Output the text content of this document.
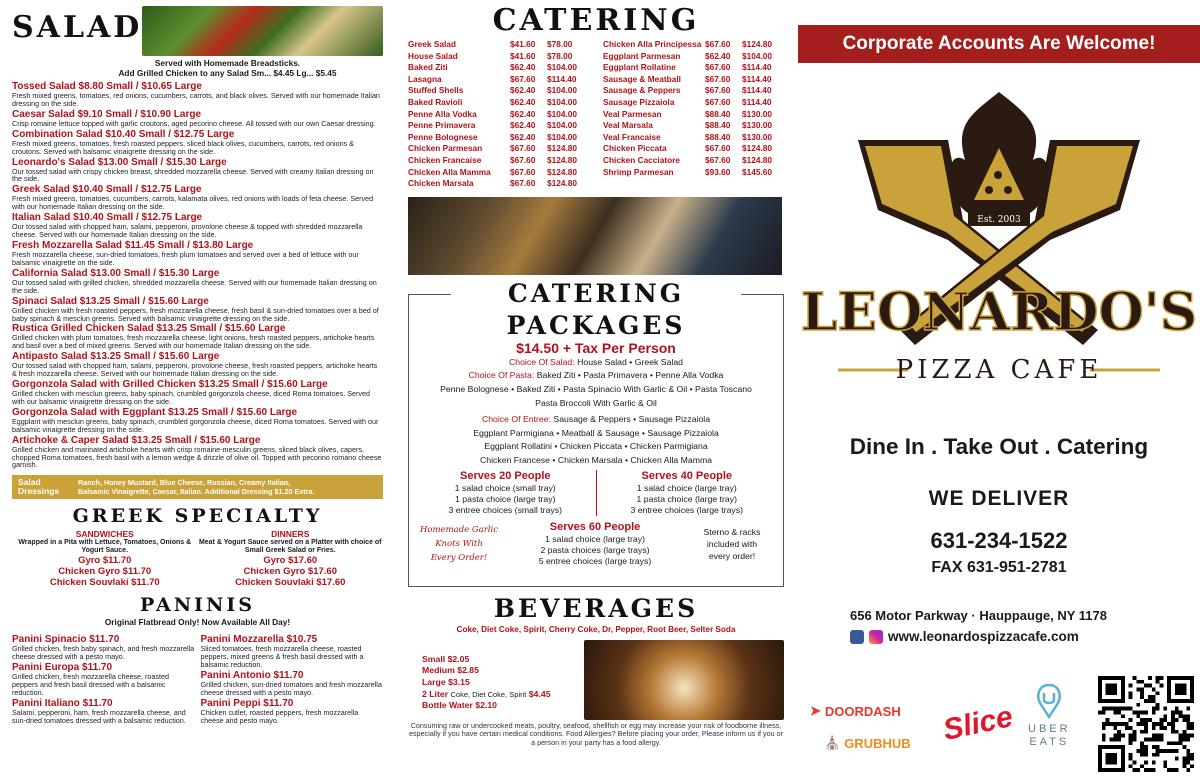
SALAD
Served with Homemade Breadsticks.
Add Grilled Chicken to any Salad Sm... $4.45 Lg... $5.45
Tossed Salad $8.80 Small / $10.65 Large
Fresh mixed greens, tomatoes, red onions, cucumbers, carrots, and black olives. Served with our homemade Italian dressing on the side.
Caesar Salad $9.10 Small / $10.90 Large
Crisp romaine lettuce topped with garlic croutons, aged pecorino cheese. All tossed with our own Caesar dressing.
Combination Salad $10.40 Small / $12.75 Large
Fresh mixed greens, tomatoes, fresh roasted peppers, sliced black olives, cucumbers, carrots, red onions & croutons. Served with balsamic vinaigrette dressing on the side.
Leonardo's Salad $13.00 Small / $15.30 Large
Our tossed salad with crispy chicken breast, shredded mozzarella cheese. Served with creamy Italian dressing on the side.
Greek Salad $10.40 Small / $12.75 Large
Fresh mixed greens, tomatoes, cucumbers, carrots, kalamata olives, red onions with loads of feta cheese. Served with our homemade Italian dressing on the side.
Italian Salad $10.40 Small / $12.75 Large
Our tossed salad with chopped ham, salami, pepperoni, provolone cheese & topped with shredded mozzarella cheese. Served with our homemade Italian dressing on the side.
Fresh Mozzarella Salad $11.45 Small / $13.80 Large
Fresh mozzarella cheese, sun-dried tomatoes, fresh plum tomatoes and served over a bed of lettuce with our balsamic vinaigrette on the side.
California Salad $13.00 Small / $15.30 Large
Our tossed salad with grilled chicken, shredded mozzarella cheese. Served with our homemade Italian dressing on the side.
Spinaci Salad $13.25 Small / $15.60 Large
Grilled chicken with fresh roasted peppers, fresh mozzarella cheese, fresh basil & sun-dried tomatoes over a bed of baby spinach & mesclun greens. Served with balsamic vinaigrette dressing on the side.
Rustica Grilled Chicken Salad $13.25 Small / $15.60 Large
Grilled chicken with plum tomatoes, fresh mozzarella cheese, light onions, fresh roasted peppers, artichoke hearts and basil over a bed of mixed greens. Served with our homemade Italian dressing on the side.
Antipasto Salad $13.25 Small / $15.60 Large
Our tossed salad with chopped ham, salami, pepperoni, provolone cheese, fresh roasted peppers, artichoke hearts & fresh mozzarella cheese. Served with our homemade Italian dressing on the side.
Gorgonzola Salad with Grilled Chicken $13.25 Small / $15.60 Large
Grilled chicken with mesclun greens, baby spinach, crumbled gorgonzola cheese, diced Roma tomatoes. Served with our balsamic vinaigrette dressing on the side.
Gorgonzola Salad with Eggplant $13.25 Small / $15.60 Large
Eggplant with mesclun greens, baby spinach, crumbled gorgonzola cheese, diced Roma tomatoes. Served with our balsamic vinaigrette dressing on the side.
Artichoke & Caper Salad $13.25 Small / $15.60 Large
Grilled chicken and marinated artichoke hearts with crisp romaine-mesculin greens, sliced black olives, capers, chopped Roma tomatoes, fresh basil with a lemon wedge & drizzle of olive oil. Topped with pecorino romano cheese garnish.
Salad Dressings
Ranch, Honey Mustard, Blue Cheese, Russian, Creamy Italian,
Balsamic Vinaigrette, Caesar, Italian. Additional Dressing $1.20 Extra.
GREEK SPECIALTY
SANDWICHES
Wrapped in a Pita with Lettuce, Tomatoes, Onions & Yogurt Sauce.
Gyro $11.70
Chicken Gyro $11.70
Chicken Souvlaki $11.70
DINNERS
Meat & Yogurt Sauce served on a Platter with choice of Small Greek Salad or Fries.
Gyro $17.60
Chicken Gyro $17.60
Chicken Souvlaki $17.60
PANINIS
Original Flatbread Only! Now Available All Day!
Panini Spinacio $11.70
Grilled chicken, fresh baby spinach, and fresh mozzarella cheese dressed with a pesto mayo.
Panini Europa $11.70
Grilled chicken, fresh mozzarella cheese, roasted peppers and fresh basil dressed with a balsamic reduction.
Panini Italiano $11.70
Salami, pepperoni, ham, fresh mozzarella cheese, and sun-dried tomatoes dressed with a balsamic reduction.
Panini Mozzarella $10.75
Sliced tomatoes, fresh mozzarella cheese, roasted peppers, mixed greens & fresh basil dressed with a balsamic reduction.
Panini Antonio $11.70
Grilled chicken, sun-dried tomatoes and fresh mozzarella cheese dressed with a pesto mayo.
Panini Peppi $11.70
Chicken cutlet, roasted peppers, fresh mozzarella cheese and pesto mayo.
CATERING
Greek Salad	$41.60	$78.00
House Salad	$41.60	$78.00
Baked Ziti	$62.40	$104.00
Lasagna	$67.60	$114.40
Stuffed Shells	$62.40	$104.00
Baked Ravioli	$62.40	$104.00
Penne Alla Vodka	$62.40	$104.00
Penne Primavera	$62.40	$104.00
Penne Bolognese	$62.40	$104.00
Chicken Parmesan	$67.60	$124.80
Chicken Francaise	$67.60	$124.80
Chicken Alla Mamma	$67.60	$124.80
Chicken Marsala	$67.60	$124.80
Chicken Alla Principessa $67.60	$124.80
Eggplant Parmesan	$62.40	$104.00
Eggplant Rollatine	$67.60	$114.40
Sausage & Meatball	$67.60	$114.40
Sausage & Peppers	$67.60	$114.40
Sausage Pizzaiola	$67.60	$114.40
Veal Parmesan	$88.40	$130.00
Veal Marsala	$88.40	$130.00
Veal Francaise	$88.40	$130.00
Chicken Piccata	$67.60	$124.80
Chicken Cacciatore	$67.60	$124.80
Shrimp Parmesan	$93.60	$145.60
CATERING PACKAGES
$14.50 + Tax Per Person
Choice Of Salad: House Salad • Greek Salad
Choice Of Pasta: Baked Ziti • Pasta Primavera • Penne Alla Vodka
Penne Bolognese • Baked Ziti • Pasta Spinacio With Garlic & Oil • Pasta Toscano
Pasta Broccoli With Garlic & Oil
Choice Of Entree: Sausage & Peppers • Sausage Pizzaiola
Eggplant Parmigiana • Meatball & Sausage • Sausage Pizzaiola
Eggplant Rollatini • Chicken Piccata • Chicken Parmigiana
Chicken Francese • Chicken Marsala • Chicken Alla Mamma
Serves 20 People
1 salad choice (small tray)
1 pasta choice (large tray)
3 entree choices (small trays)
Serves 40 People
1 salad choice (large tray)
1 pasta choice (large tray)
3 entree choices (large trays)
Homemade Garlic
Knots With
Every Order!
Serves 60 People
1 salad choice (large tray)
2 pasta choices (large trays)
5 entree choices (large trays)
Sterno & racks
included with
every order!
BEVERAGES
Coke, Diet Coke, Spirit, Cherry Coke, Dr, Pepper, Root Beer, Selter Soda
Small $2.05
Medium $2.85
Large $3.15
2 Liter Coke, Diet Coke, Spirit $4.45
Bottle Water $2.10
Consuming raw or undercooked meats, poultry, seafood, shellfish or egg may increase your risk of foodborne illness, especially if you have certain medical conditions. Food Allergies? Before placing your order, Please inform us if you or a person in your party has a food allergy.
Corporate Accounts Are Welcome!
Est. 2003
LEONARDO'S
PIZZA CAFE
Dine In . Take Out . Catering
WE DELIVER
631-234-1522
FAX 631-951-2781
656 Motor Parkway · Hauppauge, NY 1178
www.leonardospizzacafe.com
➤ DOORDASH
⛪ GRUBHUB Slice UBER
EATS
